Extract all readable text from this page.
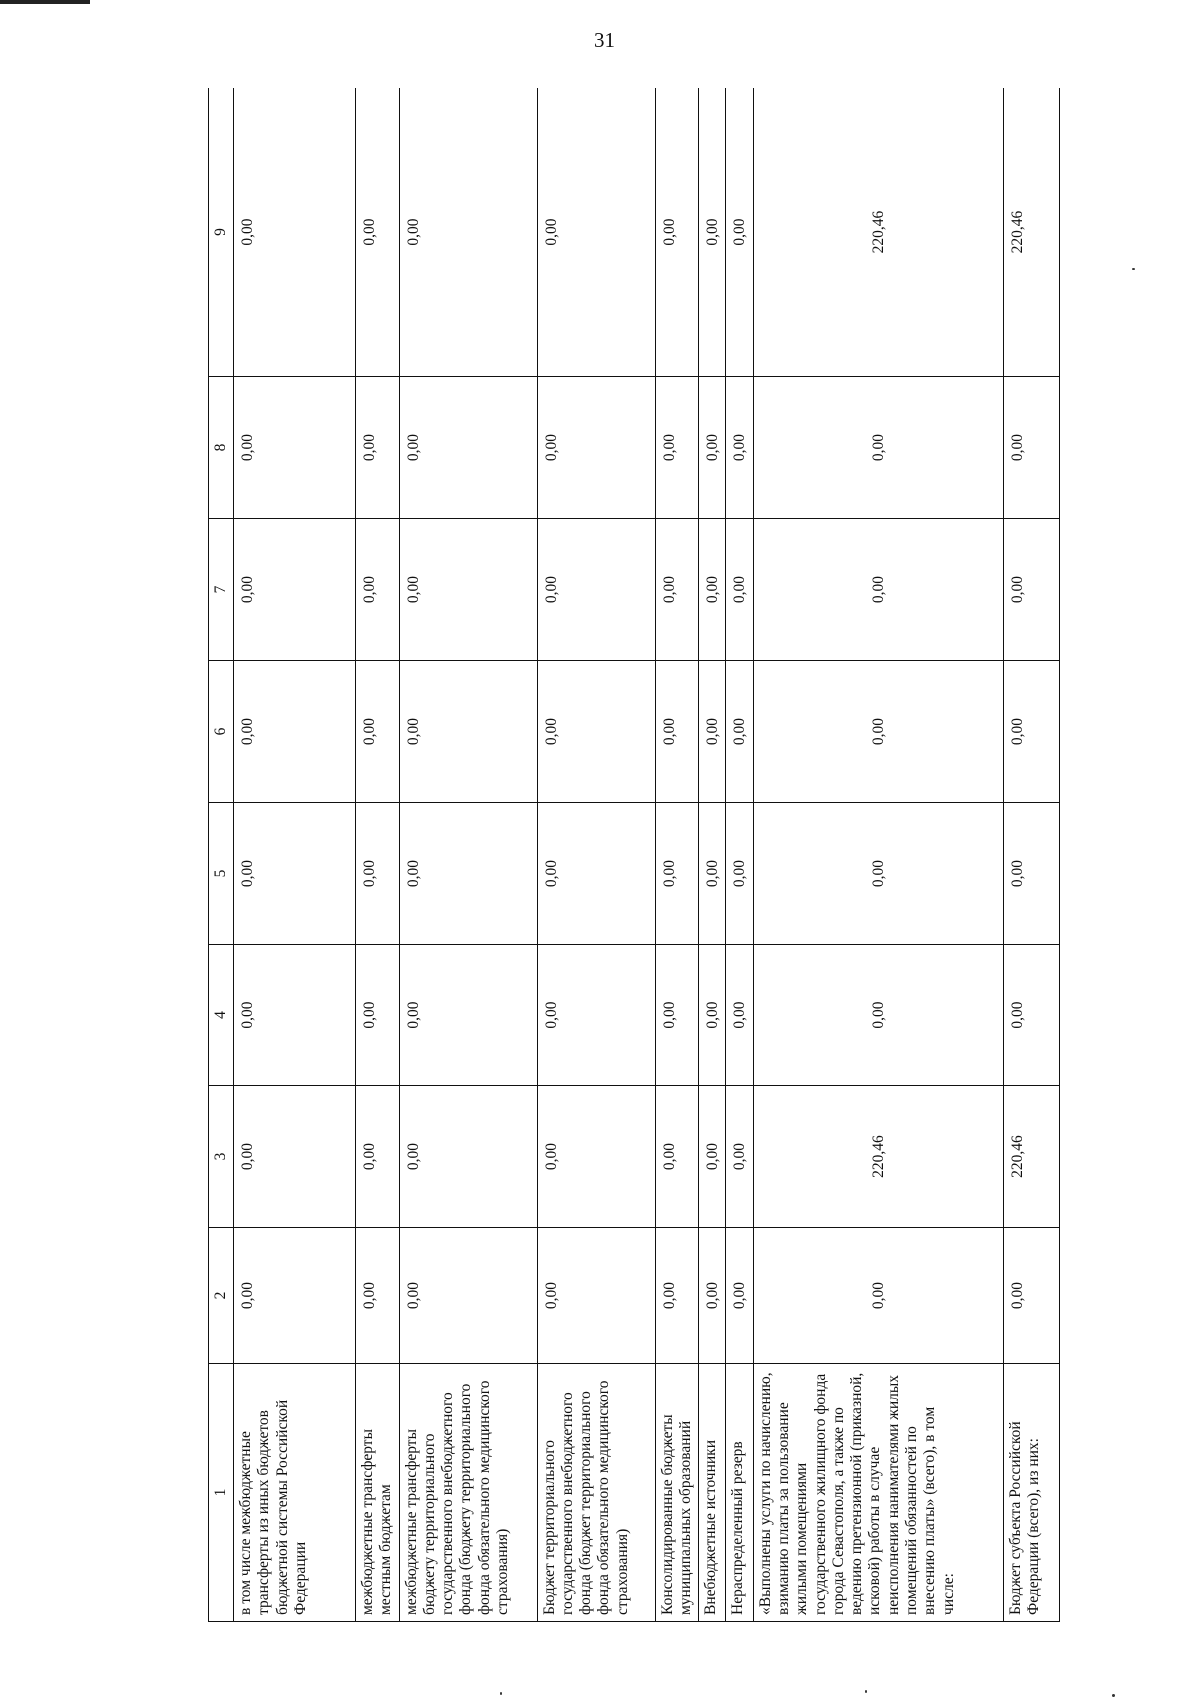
31
1	2	3	4	5	6	7	8	9
в том числе межбюджетные трансферты из иных бюджетов бюджетной системы Российской Федерации	0,00	0,00	0,00	0,00	0,00	0,00	0,00	0,00
межбюджетные трансферты местным бюджетам	0,00	0,00	0,00	0,00	0,00	0,00	0,00	0,00
межбюджетные трансферты бюджету территориального государственного внебюджетного фонда (бюджету территориального фонда обязательного медицинского страхования)	0,00	0,00	0,00	0,00	0,00	0,00	0,00	0,00
Бюджет территориального государственного внебюджетного фонда (бюджет территориального фонда обязательного медицинского страхования)	0,00	0,00	0,00	0,00	0,00	0,00	0,00	0,00
Консолидированные бюджеты муниципальных образований	0,00	0,00	0,00	0,00	0,00	0,00	0,00	0,00
Внебюджетные источники	0,00	0,00	0,00	0,00	0,00	0,00	0,00	0,00
Нераспределенный резерв	0,00	0,00	0,00	0,00	0,00	0,00	0,00	0,00
«Выполнены услуги по начислению, взиманию платы за пользование жилыми помещениями государственного жилищного фонда города Севастополя, а также по ведению претензионной (приказной, исковой) работы в случае неисполнения нанимателями жилых помещений обязанностей по внесению платы» (всего), в том числе:	0,00	220,46	0,00	0,00	0,00	0,00	0,00	220,46
Бюджет субъекта Российской Федерации (всего), из них:	0,00	220,46	0,00	0,00	0,00	0,00	0,00	220,46
